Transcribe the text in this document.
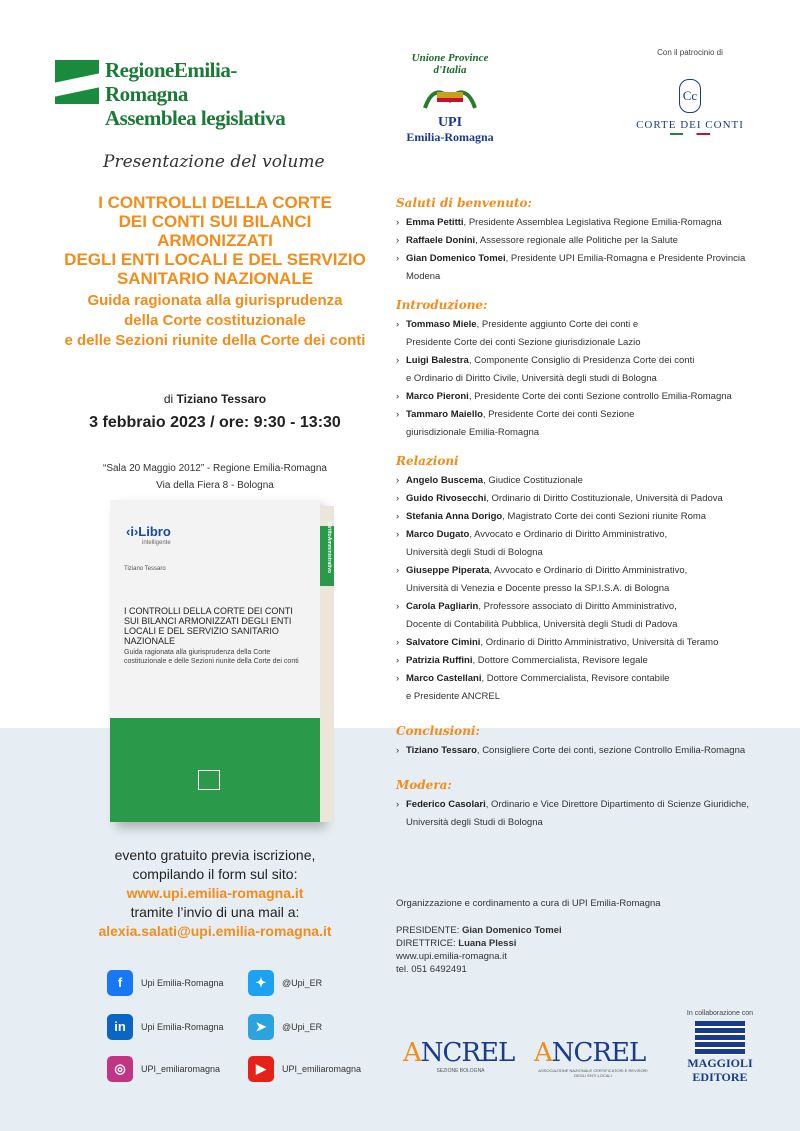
RegioneEmilia-Romagna
Assemblea legislativa
Unione Province d'Italia
UPI
Emilia-Romagna
Con il patrocinio di
Cc
CORTE DEI CONTI
Presentazione del volume
I CONTROLLI DELLA CORTE
DEI CONTI SUI BILANCI
ARMONIZZATI
DEGLI ENTI LOCALI E DEL SERVIZIO
SANITARIO NAZIONALE
Guida ragionata alla giurisprudenza
della Corte costituzionale
e delle Sezioni riunite della Corte dei conti
di Tiziano Tessaro
3 febbraio 2023 / ore: 9:30 - 13:30
“Sala 20 Maggio 2012” - Regione Emilia-Romagna
Via della Fiera 8 - Bologna
‹i›Libro
intelligente
Tiziano Tessaro	DirittoAmministrativo
I CONTROLLI DELLA CORTE DEI CONTI SUI BILANCI ARMONIZZATI DEGLI ENTI LOCALI E DEL SERVIZIO SANITARIO NAZIONALE
Guida ragionata alla giurisprudenza della Corte costituzionale e delle Sezioni riunite della Corte dei conti
evento gratuito previa iscrizione,
compilando il form sul sito:
www.upi.emilia-romagna.it
tramite l’invio di una mail a:
alexia.salati@upi.emilia-romagna.it
f	Upi Emilia-Romagna	✦	@Upi_ER
in	Upi Emilia-Romagna	➤	@Upi_ER
◎	UPI_emiliaromagna	▶	UPI_emiliaromagna
Saluti di benvenuto:
› Emma Petitti, Presidente Assemblea Legislativa Regione Emilia-Romagna
› Raffaele Donini, Assessore regionale alle Politiche per la Salute
› Gian Domenico Tomei, Presidente UPI Emilia-Romagna e Presidente Provincia
Modena
Introduzione:
› Tommaso Miele, Presidente aggiunto Corte dei conti e
Presidente Corte dei conti Sezione giurisdizionale Lazio
› Luigi Balestra, Componente Consiglio di Presidenza Corte dei conti
e Ordinario di Diritto Civile, Università degli studi di Bologna
› Marco Pieroni, Presidente Corte dei conti Sezione controllo Emilia-Romagna
› Tammaro Maiello, Presidente Corte dei conti Sezione
giurisdizionale Emilia-Romagna
Relazioni
› Angelo Buscema, Giudice Costituzionale
› Guido Rivosecchi, Ordinario di Diritto Costituzionale, Università di Padova
› Stefania Anna Dorigo, Magistrato Corte dei conti Sezioni riunite Roma
› Marco Dugato, Avvocato e Ordinario di Diritto Amministrativo,
Università degli Studi di Bologna
› Giuseppe Piperata, Avvocato e Ordinario di Diritto Amministrativo,
Università di Venezia e Docente presso la SP.I.S.A. di Bologna
› Carola Pagliarin, Professore associato di Diritto Amministrativo,
Docente di Contabilità Pubblica, Università degli Studi di Padova
› Salvatore Cimini, Ordinario di Diritto Amministrativo, Università di Teramo
› Patrizia Ruffini, Dottore Commercialista, Revisore legale
› Marco Castellani, Dottore Commercialista, Revisore contabile
e Presidente ANCREL
Conclusioni:
› Tiziano Tessaro, Consigliere Corte dei conti, sezione Controllo Emilia-Romagna
Modera:
› Federico Casolari, Ordinario e Vice Direttore Dipartimento di Scienze Giuridiche,
Università degli Studi di Bologna
Organizzazione e cordinamento a cura di UPI Emilia-Romagna
PRESIDENTE: Gian Domenico Tomei
DIRETTRICE: Luana Plessi
www.upi.emilia-romagna.it
tel. 051 6492491
ANCREL
SEZIONE BOLOGNA
ANCREL
ASSOCIAZIONE NAZIONALE CERTIFICATORI E REVISORI DEGLI ENTI LOCALI
In collaborazione con
MAGGIOLI
EDITORE
